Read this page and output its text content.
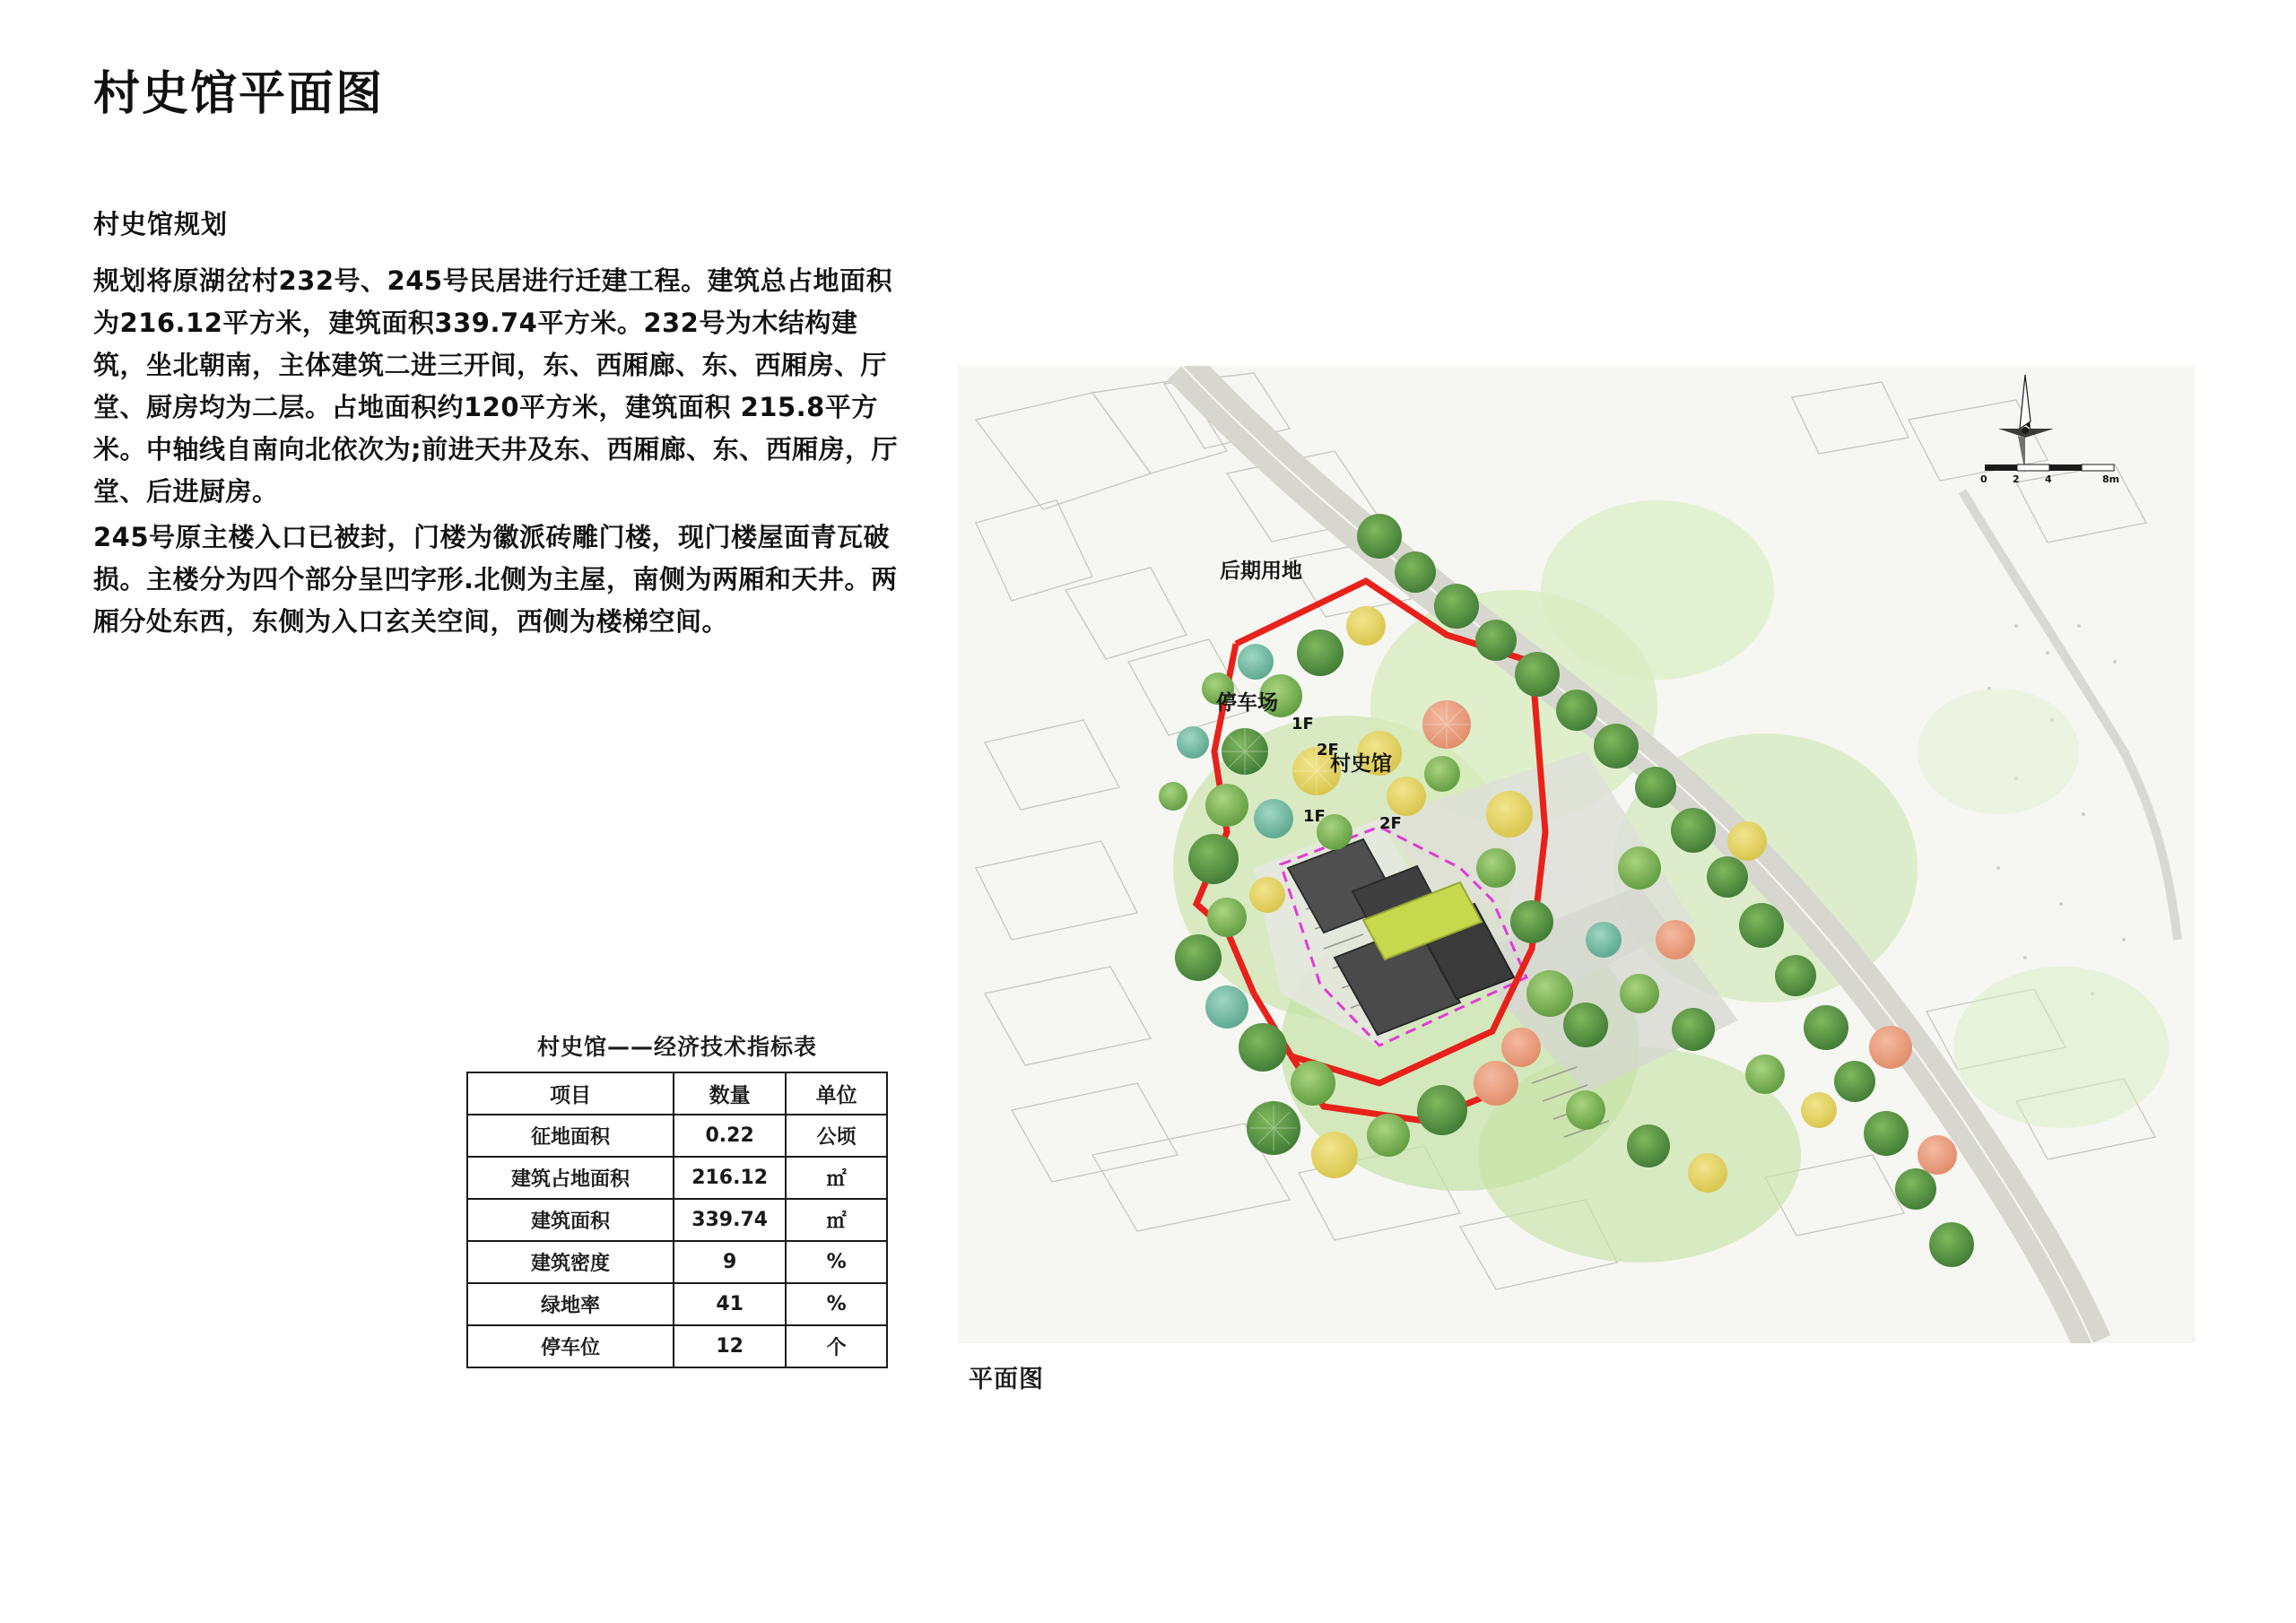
村史馆平面图
村史馆规划

规划将原湖岔村232号、245号民居进行迁建工程。建筑总占地面积为216.12平方米，建筑面积339.74平方米。232号为木结构建筑，坐北朝南，主体建筑二进三开间，东、西厢廊、东、西厢房、厅堂、厨房均为二层。占地面积约120平方米，建筑面积 215.8平方米。中轴线自南向北依次为;前进天井及东、西厢廊、东、西厢房，厅堂、后进厨房。

245号原主楼入口已被封，门楼为徽派砖雕门楼，现门楼屋面青瓦破损。主楼分为四个部分呈凹字形.北侧为主屋，南侧为两厢和天井。两厢分处东西，东侧为入口玄关空间，西侧为楼梯空间。

村史馆——经济技术指标表
项目	数量	单位
征地面积	0.22	公顷
建筑占地面积	216.12	㎡
建筑面积	339.74	㎡
建筑密度	9	%
绿地率	41	%
停车位	12	个
后期用地
停车场
村史馆
1F
2F
1F	2F
0	2	4	8m
平面图
